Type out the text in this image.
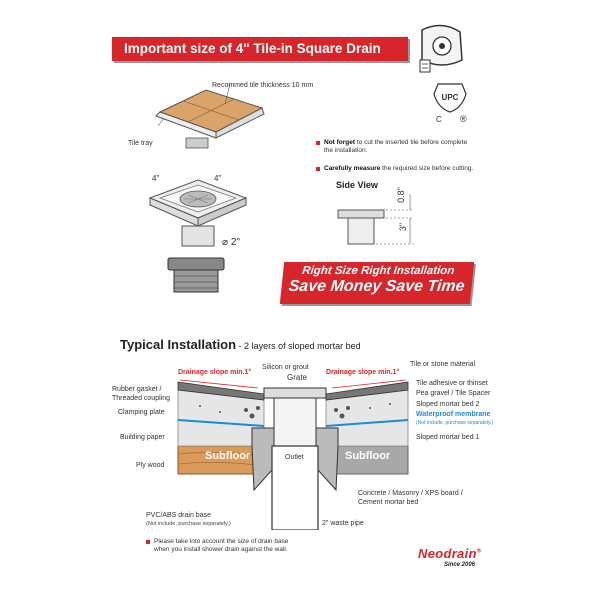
Important size of 4" Tile-in Square Drain
UPC
C ®
Recommed tile thickness 10 mm
Tile tray
4"	4"
⌀ 2"
Not forget to cut the inserted tile before complete the installation.
Carefully measure the required size before cutting.
Side View
0.8"
3"
Right Size Right Installation
Save Money Save Time
Typical Installation - 2 layers of sloped mortar bed
Drainage slope min.1°	Drainage slope min.1°
Silicon or grout
Grate
Outlet
Subfloor	Subfloor
Rubber gasket /
Threaded coupling
Clamping plate
Building paper
Ply wood
Tile or stone material
Tile adhesive or thinset
Pea gravel / Tile Spacer
Sloped mortar bed 2
Waterproof membrane
(Not include, purchase separately.)
Sloped mortar bed 1
Concrete / Masonry / XPS board /
Cement mortar bed
PVC/ABS drain base
(Not include, purchase separately.)	2" waste pipe
Please take into account the size of drain base
when you install shower drain against the wall.	Neodrain®
Since 2006
